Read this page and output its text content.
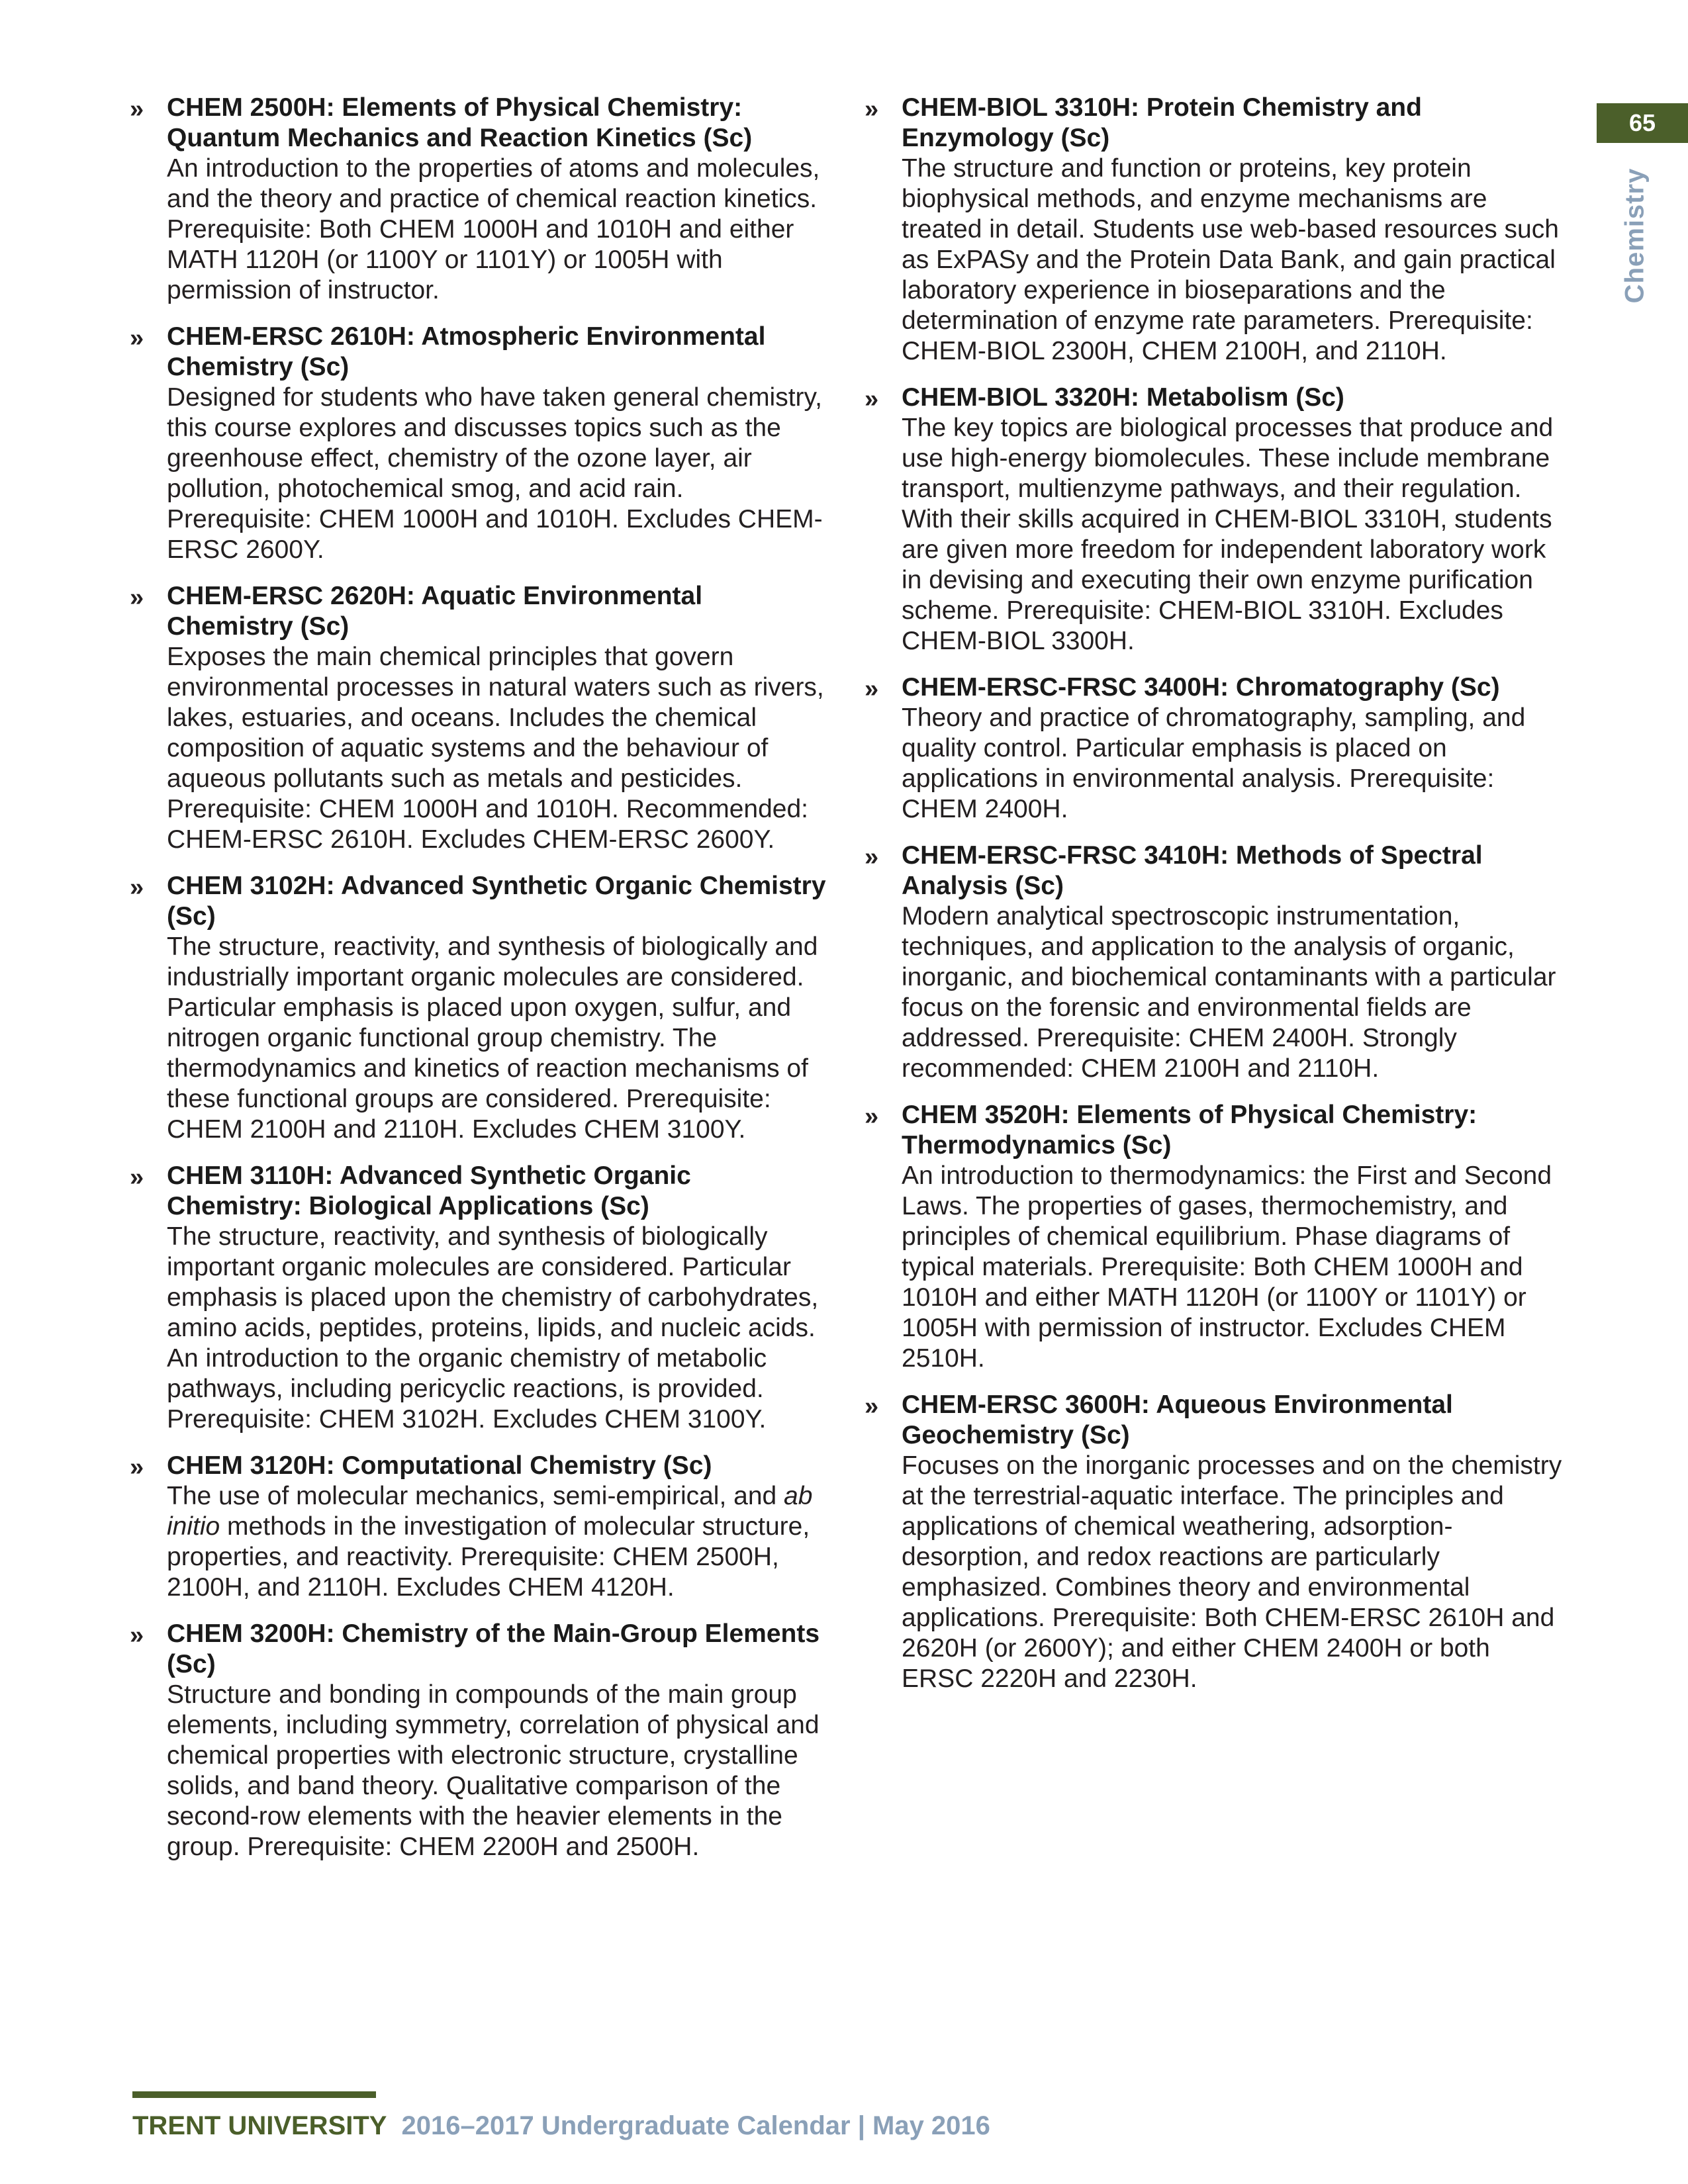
» CHEM 2500H: Elements of Physical Chemistry: Quantum Mechanics and Reaction Kinetics (Sc)
An introduction to the properties of atoms and molecules, and the theory and practice of chemical reaction kinetics. Prerequisite: Both CHEM 1000H and 1010H and either MATH 1120H (or 1100Y or 1101Y) or 1005H with permission of instructor.
» CHEM-ERSC 2610H: Atmospheric Environmental Chemistry (Sc)
Designed for students who have taken general chemistry, this course explores and discusses topics such as the greenhouse effect, chemistry of the ozone layer, air pollution, photochemical smog, and acid rain. Prerequisite: CHEM 1000H and 1010H. Excludes CHEM-ERSC 2600Y.
» CHEM-ERSC 2620H: Aquatic Environmental Chemistry (Sc)
Exposes the main chemical principles that govern environmental processes in natural waters such as rivers, lakes, estuaries, and oceans. Includes the chemical composition of aquatic systems and the behaviour of aqueous pollutants such as metals and pesticides. Prerequisite: CHEM 1000H and 1010H. Recommended: CHEM-ERSC 2610H. Excludes CHEM-ERSC 2600Y.
» CHEM 3102H: Advanced Synthetic Organic Chemistry (Sc)
The structure, reactivity, and synthesis of biologically and industrially important organic molecules are considered. Particular emphasis is placed upon oxygen, sulfur, and nitrogen organic functional group chemistry. The thermodynamics and kinetics of reaction mechanisms of these functional groups are considered. Prerequisite: CHEM 2100H and 2110H. Excludes CHEM 3100Y.
» CHEM 3110H: Advanced Synthetic Organic Chemistry: Biological Applications (Sc)
The structure, reactivity, and synthesis of biologically important organic molecules are considered. Particular emphasis is placed upon the chemistry of carbohydrates, amino acids, peptides, proteins, lipids, and nucleic acids. An introduction to the organic chemistry of metabolic pathways, including pericyclic reactions, is provided. Prerequisite: CHEM 3102H. Excludes CHEM 3100Y.
» CHEM 3120H: Computational Chemistry (Sc)
The use of molecular mechanics, semi-empirical, and ab initio methods in the investigation of molecular structure, properties, and reactivity. Prerequisite: CHEM 2500H, 2100H, and 2110H. Excludes CHEM 4120H.
» CHEM 3200H: Chemistry of the Main-Group Elements (Sc)
Structure and bonding in compounds of the main group elements, including symmetry, correlation of physical and chemical properties with electronic structure, crystalline solids, and band theory. Qualitative comparison of the second-row elements with the heavier elements in the group. Prerequisite: CHEM 2200H and 2500H.
» CHEM-BIOL 3310H: Protein Chemistry and Enzymology (Sc)
The structure and function or proteins, key protein biophysical methods, and enzyme mechanisms are treated in detail. Students use web-based resources such as ExPASy and the Protein Data Bank, and gain practical laboratory experience in bioseparations and the determination of enzyme rate parameters. Prerequisite: CHEM-BIOL 2300H, CHEM 2100H, and 2110H.
» CHEM-BIOL 3320H: Metabolism (Sc)
The key topics are biological processes that produce and use high-energy biomolecules. These include membrane transport, multienzyme pathways, and their regulation. With their skills acquired in CHEM-BIOL 3310H, students are given more freedom for independent laboratory work in devising and executing their own enzyme purification scheme. Prerequisite: CHEM-BIOL 3310H. Excludes CHEM-BIOL 3300H.
» CHEM-ERSC-FRSC 3400H: Chromatography (Sc)
Theory and practice of chromatography, sampling, and quality control. Particular emphasis is placed on applications in environmental analysis. Prerequisite: CHEM 2400H.
» CHEM-ERSC-FRSC 3410H: Methods of Spectral Analysis (Sc)
Modern analytical spectroscopic instrumentation, techniques, and application to the analysis of organic, inorganic, and biochemical contaminants with a particular focus on the forensic and environmental fields are addressed. Prerequisite: CHEM 2400H. Strongly recommended: CHEM 2100H and 2110H.
» CHEM 3520H: Elements of Physical Chemistry: Thermodynamics (Sc)
An introduction to thermodynamics: the First and Second Laws. The properties of gases, thermochemistry, and principles of chemical equilibrium. Phase diagrams of typical materials. Prerequisite: Both CHEM 1000H and 1010H and either MATH 1120H (or 1100Y or 1101Y) or 1005H with permission of instructor. Excludes CHEM 2510H.
» CHEM-ERSC 3600H: Aqueous Environmental Geochemistry (Sc)
Focuses on the inorganic processes and on the chemistry at the terrestrial-aquatic interface. The principles and applications of chemical weathering, adsorption-desorption, and redox reactions are particularly emphasized. Combines theory and environmental applications. Prerequisite: Both CHEM-ERSC 2610H and 2620H (or 2600Y); and either CHEM 2400H or both ERSC 2220H and 2230H.
65
Chemistry
TRENT UNIVERSITY 2016–2017 Undergraduate Calendar | May 2016
